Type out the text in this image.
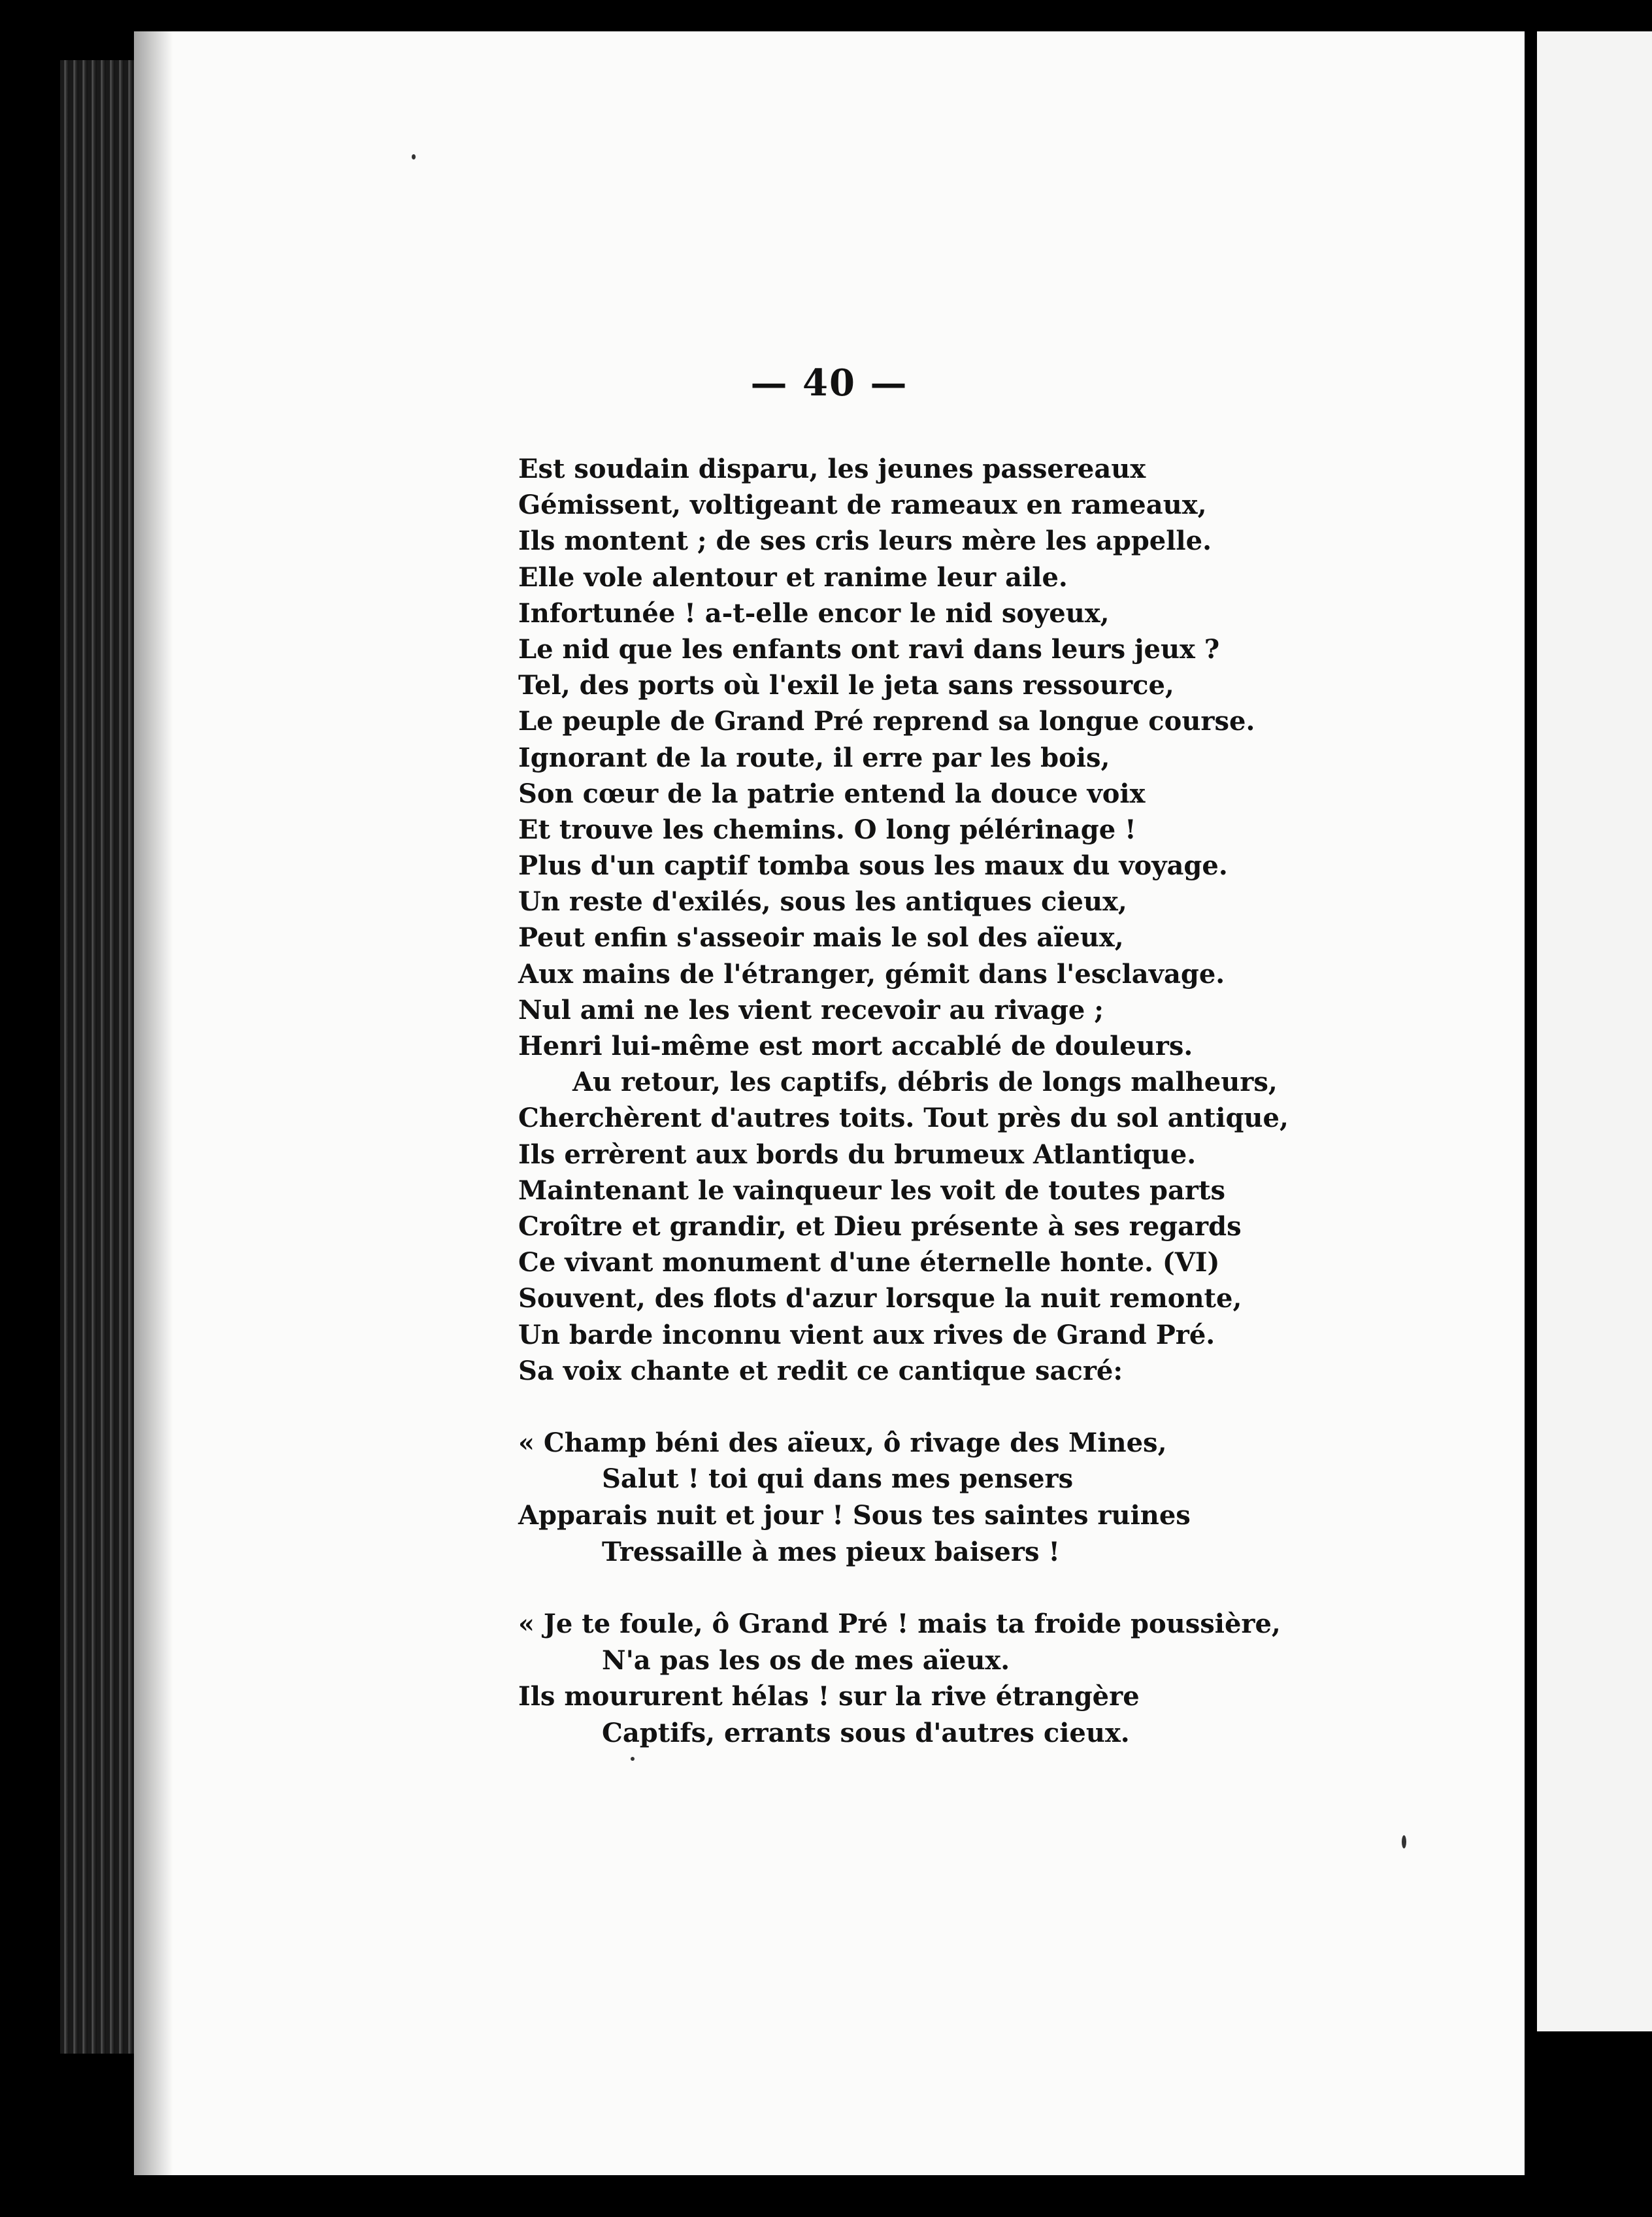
— 40 —
Est soudain disparu, les jeunes passereaux
Gémissent, voltigeant de rameaux en rameaux,
Ils montent ; de ses cris leurs mère les appelle.
Elle vole alentour et ranime leur aile.
Infortunée ! a-t-elle encor le nid soyeux,
Le nid que les enfants ont ravi dans leurs jeux ?
Tel, des ports où l'exil le jeta sans ressource,
Le peuple de Grand Pré reprend sa longue course.
Ignorant de la route, il erre par les bois,
Son cœur de la patrie entend la douce voix
Et trouve les chemins. O long pélérinage !
Plus d'un captif tomba sous les maux du voyage.
Un reste d'exilés, sous les antiques cieux,
Peut enfin s'asseoir mais le sol des aïeux,
Aux mains de l'étranger, gémit dans l'esclavage.
Nul ami ne les vient recevoir au rivage ;
Henri lui-même est mort accablé de douleurs.
Au retour, les captifs, débris de longs malheurs,
Cherchèrent d'autres toits. Tout près du sol antique,
Ils errèrent aux bords du brumeux Atlantique.
Maintenant le vainqueur les voit de toutes parts
Croître et grandir, et Dieu présente à ses regards
Ce vivant monument d'une éternelle honte. (VI)
Souvent, des flots d'azur lorsque la nuit remonte,
Un barde inconnu vient aux rives de Grand Pré.
Sa voix chante et redit ce cantique sacré:
« Champ béni des aïeux, ô rivage des Mines,
Salut ! toi qui dans mes pensers
Apparais nuit et jour ! Sous tes saintes ruines
Tressaille à mes pieux baisers !
« Je te foule, ô Grand Pré ! mais ta froide poussière,
N'a pas les os de mes aïeux.
Ils moururent hélas ! sur la rive étrangère
Captifs, errants sous d'autres cieux.
